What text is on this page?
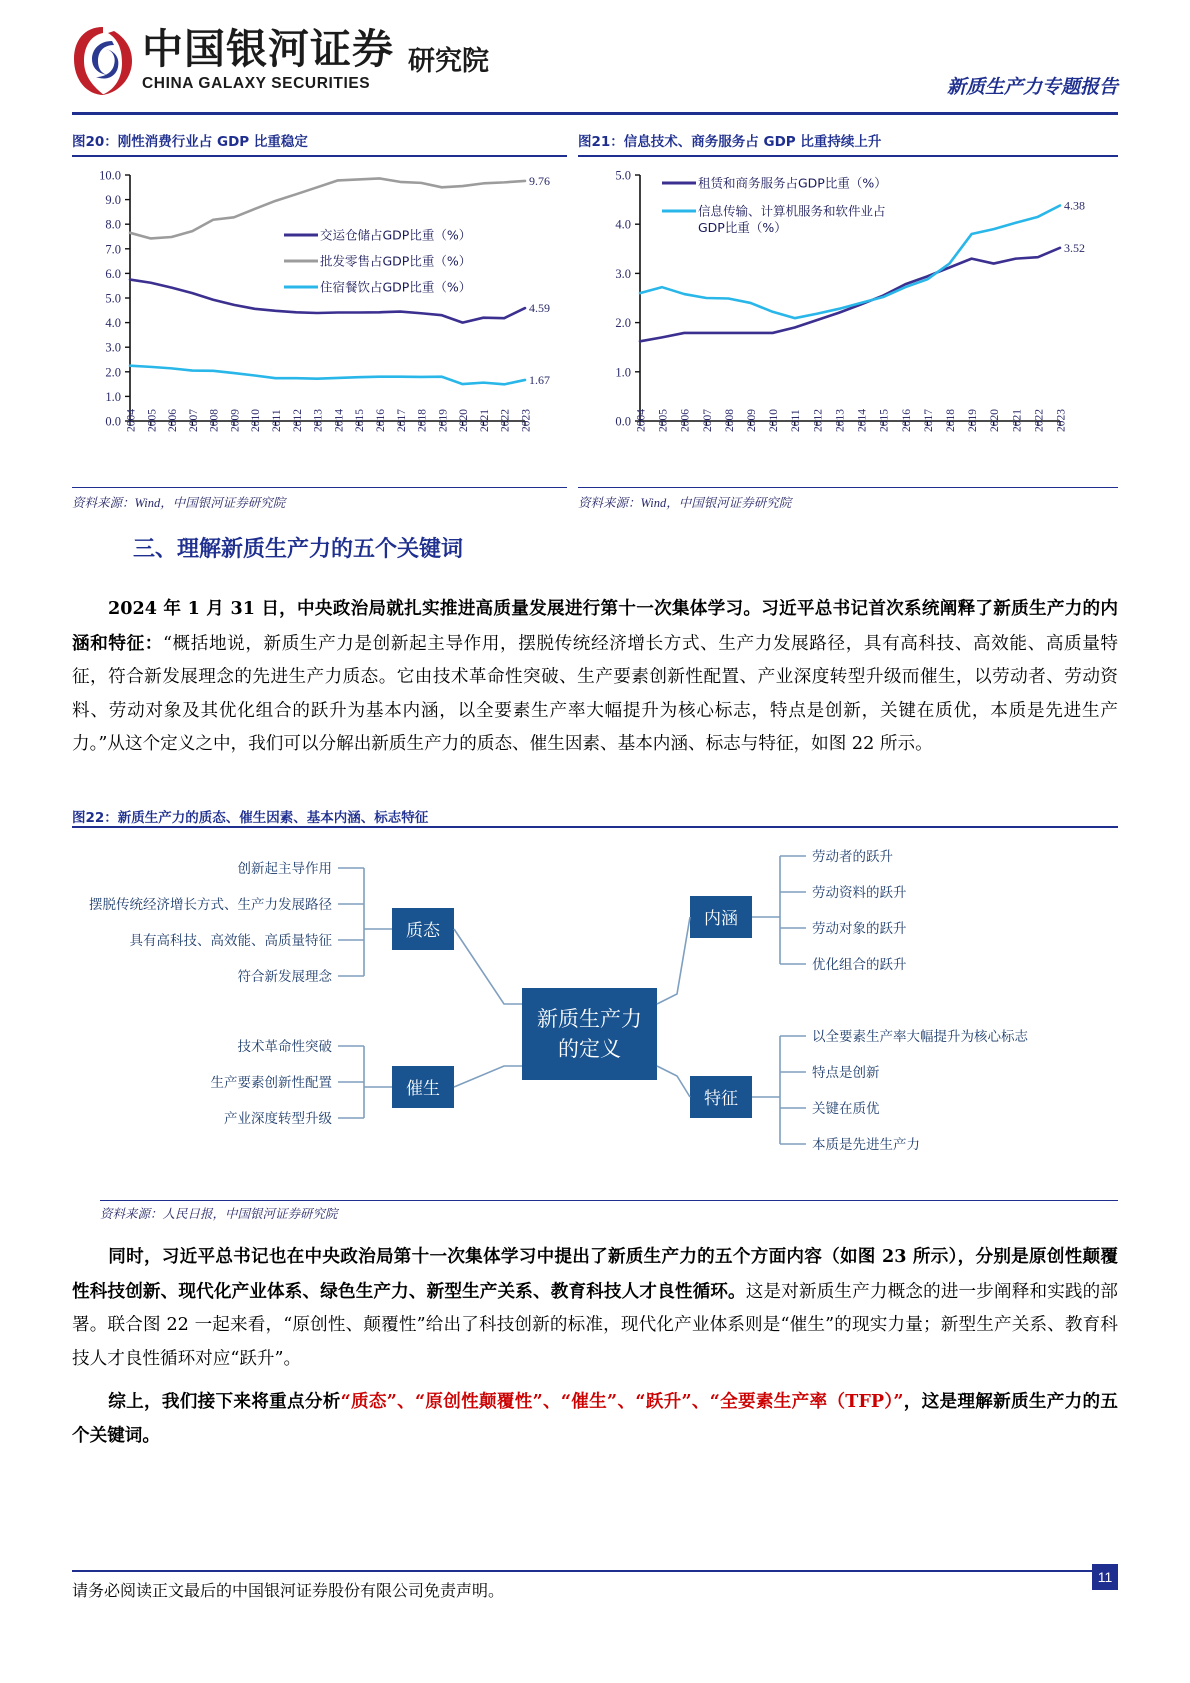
中国银河证券
CHINA GALAXY SECURITIES
研究院
新质生产力专题报告
图20：刚性消费行业占 GDP 比重稳定
0.0
1.0
2.0
3.0
4.0
5.0
6.0
7.0
8.0
9.0
10.0
2004 2005 2006 2007 2008 2009 2010 2011 2012 2013 2014 2015 2016 2017 2018 2019 2020 2021 2022 2023
4.59
9.76
1.67
交运仓储占GDP比重（%）
批发零售占GDP比重（%）
住宿餐饮占GDP比重（%）
资料来源：Wind，中国银河证券研究院
图21：信息技术、商务服务占 GDP 比重持续上升
0.0
1.0
2.0
3.0
4.0
5.0
2004 2005 2006 2007 2008 2009 2010 2011 2012 2013 2014 2015 2016 2017 2018 2019 2020 2021 2022 2023
3.52
4.38
租赁和商务服务占GDP比重（%）
信息传输、计算机服务和软件业占
GDP比重（%）
资料来源：Wind，中国银河证券研究院
三、理解新质生产力的五个关键词
2024 年 1 月 31 日，中央政治局就扎实推进高质量发展进行第十一次集体学习。习近平总书记首次系统阐释了新质生产力的内涵和特征：“概括地说，新质生产力是创新起主导作用，摆脱传统经济增长方式、生产力发展路径，具有高科技、高效能、高质量特征，符合新发展理念的先进生产力质态。它由技术革命性突破、生产要素创新性配置、产业深度转型升级而催生，以劳动者、劳动资料、劳动对象及其优化组合的跃升为基本内涵，以全要素生产率大幅提升为核心标志，特点是创新，关键在质优，本质是先进生产力。”从这个定义之中，我们可以分解出新质生产力的质态、催生因素、基本内涵、标志与特征，如图 22 所示。
图22：新质生产力的质态、催生因素、基本内涵、标志特征
新质生产力
的定义
质态
催生
内涵
特征
创新起主导作用
摆脱传统经济增长方式、生产力发展路径
具有高科技、高效能、高质量特征
符合新发展理念
技术革命性突破
生产要素创新性配置
产业深度转型升级
劳动者的跃升
劳动资料的跃升
劳动对象的跃升
优化组合的跃升
以全要素生产率大幅提升为核心标志
特点是创新
关键在质优
本质是先进生产力
资料来源：人民日报，中国银河证券研究院
同时，习近平总书记也在中央政治局第十一次集体学习中提出了新质生产力的五个方面内容（如图 23 所示），分别是原创性颠覆性科技创新、现代化产业体系、绿色生产力、新型生产关系、教育科技人才良性循环。这是对新质生产力概念的进一步阐释和实践的部署。联合图 22 一起来看，“原创性、颠覆性”给出了科技创新的标准，现代化产业体系则是“催生”的现实力量；新型生产关系、教育科技人才良性循环对应“跃升”。
综上，我们接下来将重点分析“质态”、“原创性颠覆性”、“催生”、“跃升”、“全要素生产率（TFP）”，这是理解新质生产力的五个关键词。
请务必阅读正文最后的中国银河证券股份有限公司免责声明。
11
